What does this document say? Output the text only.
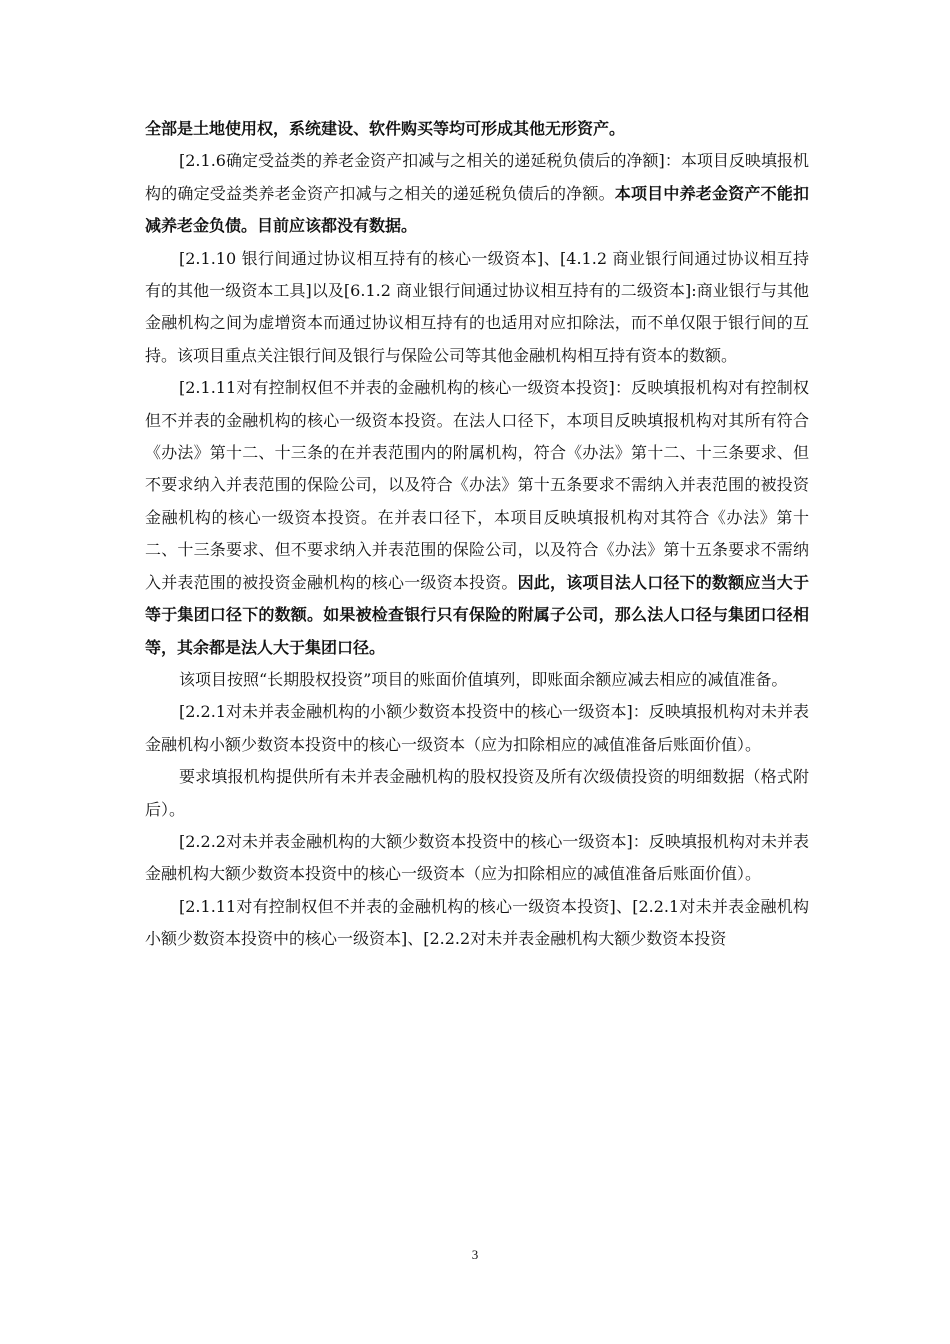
全部是土地使用权，系统建设、软件购买等均可形成其他无形资产。

[2.1.6确定受益类的养老金资产扣减与之相关的递延税负债后的净额]：本项目反映填报机构的确定受益类养老金资产扣减与之相关的递延税负债后的净额。本项目中养老金资产不能扣减养老金负债。目前应该都没有数据。

[2.1.10 银行间通过协议相互持有的核心一级资本]、[4.1.2 商业银行间通过协议相互持有的其他一级资本工具]以及[6.1.2 商业银行间通过协议相互持有的二级资本]:商业银行与其他金融机构之间为虚增资本而通过协议相互持有的也适用对应扣除法，而不单仅限于银行间的互持。该项目重点关注银行间及银行与保险公司等其他金融机构相互持有资本的数额。

[2.1.11对有控制权但不并表的金融机构的核心一级资本投资]：反映填报机构对有控制权但不并表的金融机构的核心一级资本投资。在法人口径下，本项目反映填报机构对其所有符合《办法》第十二、十三条的在并表范围内的附属机构，符合《办法》第十二、十三条要求、但不要求纳入并表范围的保险公司，以及符合《办法》第十五条要求不需纳入并表范围的被投资金融机构的核心一级资本投资。在并表口径下，本项目反映填报机构对其符合《办法》第十二、十三条要求、但不要求纳入并表范围的保险公司，以及符合《办法》第十五条要求不需纳入并表范围的被投资金融机构的核心一级资本投资。因此，该项目法人口径下的数额应当大于等于集团口径下的数额。如果被检查银行只有保险的附属子公司，那么法人口径与集团口径相等，其余都是法人大于集团口径。

该项目按照“长期股权投资”项目的账面价值填列，即账面余额应减去相应的减值准备。

[2.2.1对未并表金融机构的小额少数资本投资中的核心一级资本]：反映填报机构对未并表金融机构小额少数资本投资中的核心一级资本（应为扣除相应的减值准备后账面价值）。

要求填报机构提供所有未并表金融机构的股权投资及所有次级债投资的明细数据（格式附后）。

[2.2.2对未并表金融机构的大额少数资本投资中的核心一级资本]：反映填报机构对未并表金融机构大额少数资本投资中的核心一级资本（应为扣除相应的减值准备后账面价值）。

[2.1.11对有控制权但不并表的金融机构的核心一级资本投资]、[2.2.1对未并表金融机构小额少数资本投资中的核心一级资本]、[2.2.2对未并表金融机构大额少数资本投资

3
